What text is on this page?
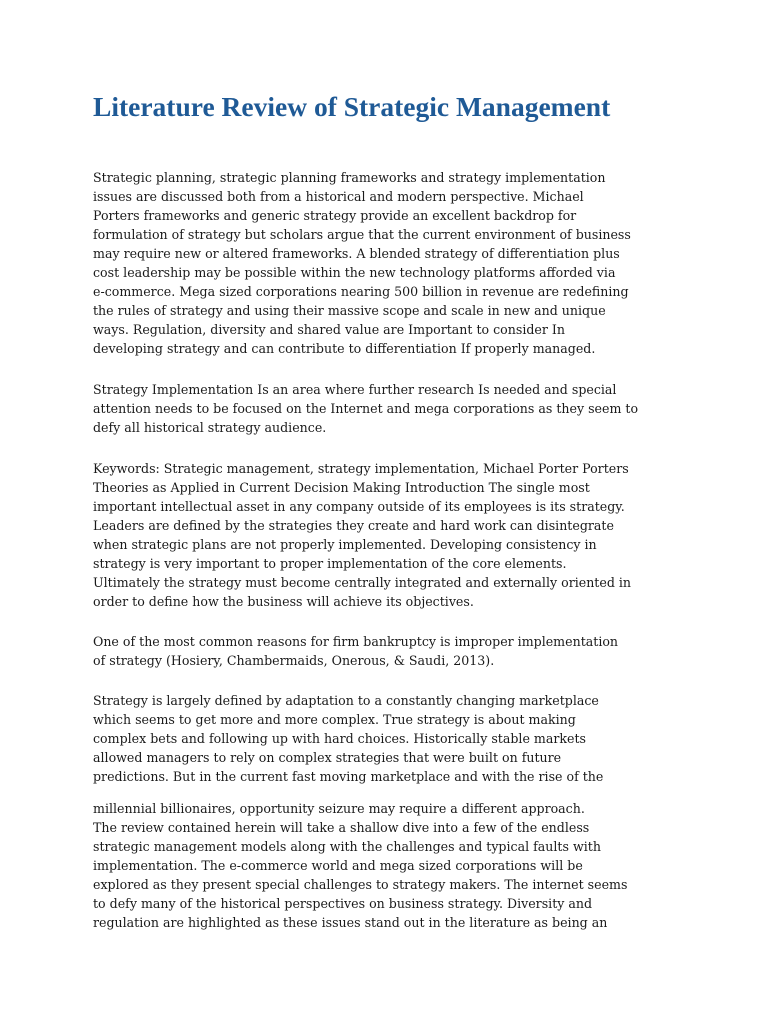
Literature Review of Strategic Management

Strategic planning, strategic planning frameworks and strategy implementation
issues are discussed both from a historical and modern perspective. Michael
Porters frameworks and generic strategy provide an excellent backdrop for
formulation of strategy but scholars argue that the current environment of business
may require new or altered frameworks. A blended strategy of differentiation plus
cost leadership may be possible within the new technology platforms afforded via
e-commerce. Mega sized corporations nearing 500 billion in revenue are redefining
the rules of strategy and using their massive scope and scale in new and unique
ways. Regulation, diversity and shared value are Important to consider In
developing strategy and can contribute to differentiation If properly managed.

Strategy Implementation Is an area where further research Is needed and special
attention needs to be focused on the Internet and mega corporations as they seem to
defy all historical strategy audience.

Keywords: Strategic management, strategy implementation, Michael Porter Porters
Theories as Applied in Current Decision Making Introduction The single most
important intellectual asset in any company outside of its employees is its strategy.
Leaders are defined by the strategies they create and hard work can disintegrate
when strategic plans are not properly implemented. Developing consistency in
strategy is very important to proper implementation of the core elements.
Ultimately the strategy must become centrally integrated and externally oriented in
order to define how the business will achieve its objectives.

One of the most common reasons for firm bankruptcy is improper implementation
of strategy (Hosiery, Chambermaids, Onerous, & Saudi, 2013).

Strategy is largely defined by adaptation to a constantly changing marketplace
which seems to get more and more complex. True strategy is about making
complex bets and following up with hard choices. Historically stable markets
allowed managers to rely on complex strategies that were built on future
predictions. But in the current fast moving marketplace and with the rise of the

millennial billionaires, opportunity seizure may require a different approach.
The review contained herein will take a shallow dive into a few of the endless
strategic management models along with the challenges and typical faults with
implementation. The e-commerce world and mega sized corporations will be
explored as they present special challenges to strategy makers. The internet seems
to defy many of the historical perspectives on business strategy. Diversity and
regulation are highlighted as these issues stand out in the literature as being an
